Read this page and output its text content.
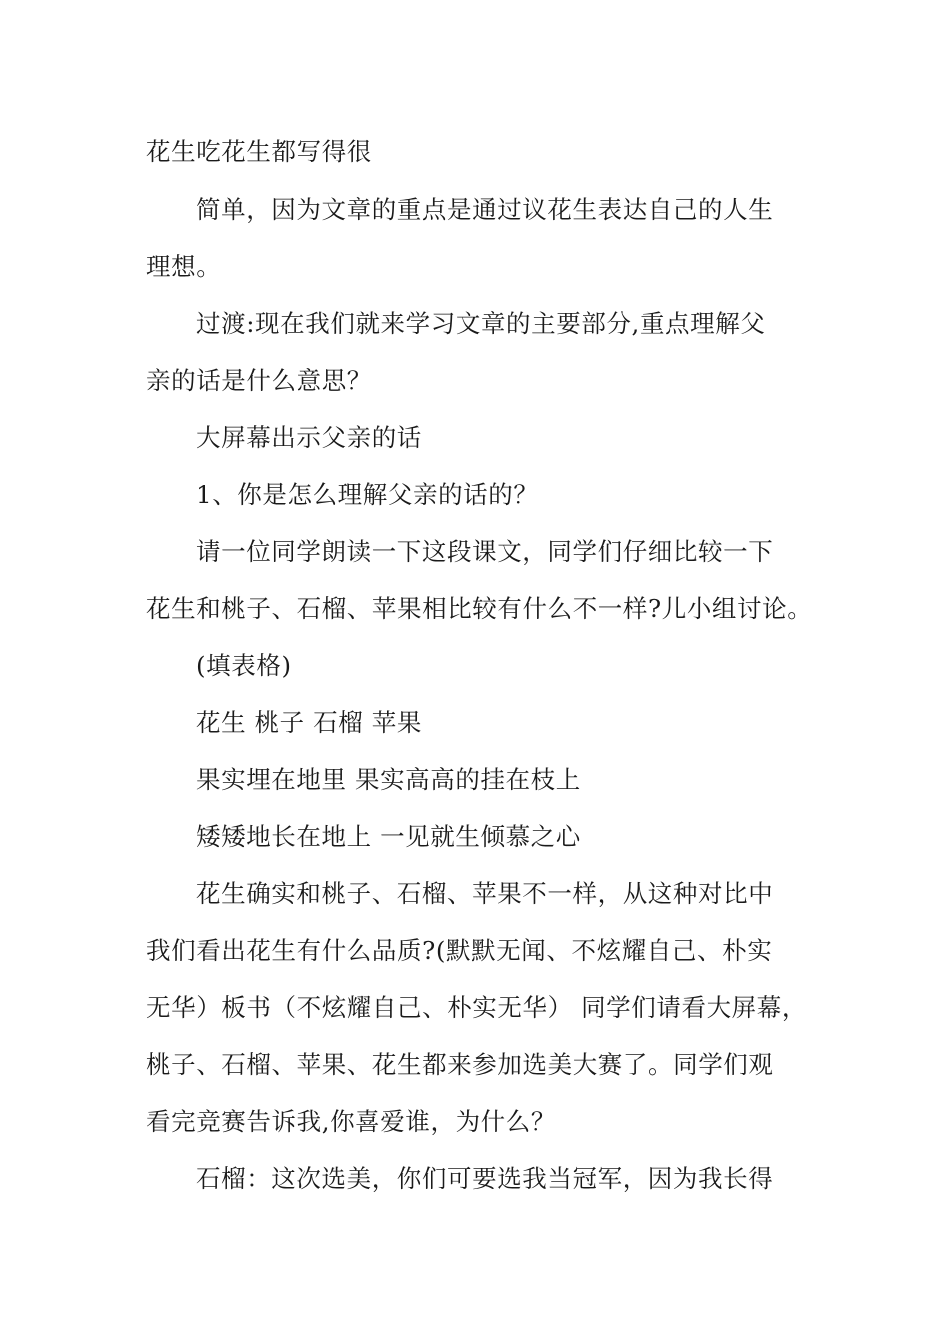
花生吃花生都写得很
简单，因为文章的重点是通过议花生表达自己的人生
理想。
过渡:现在我们就来学习文章的主要部分,重点理解父
亲的话是什么意思？
大屏幕出示父亲的话
1、你是怎么理解父亲的话的？
请一位同学朗读一下这段课文，同学们仔细比较一下
花生和桃子、石榴、苹果相比较有什么不一样?儿小组讨论。
(填表格)
花生 桃子 石榴 苹果
果实埋在地里 果实高高的挂在枝上
矮矮地长在地上 一见就生倾慕之心
花生确实和桃子、石榴、苹果不一样，从这种对比中
我们看出花生有什么品质?(默默无闻、不炫耀自己、朴实
无华）板书（不炫耀自己、朴实无华） 同学们请看大屏幕，
桃子、石榴、苹果、花生都来参加选美大赛了。同学们观
看完竞赛告诉我,你喜爱谁，为什么？
石榴：这次选美，你们可要选我当冠军，因为我长得
